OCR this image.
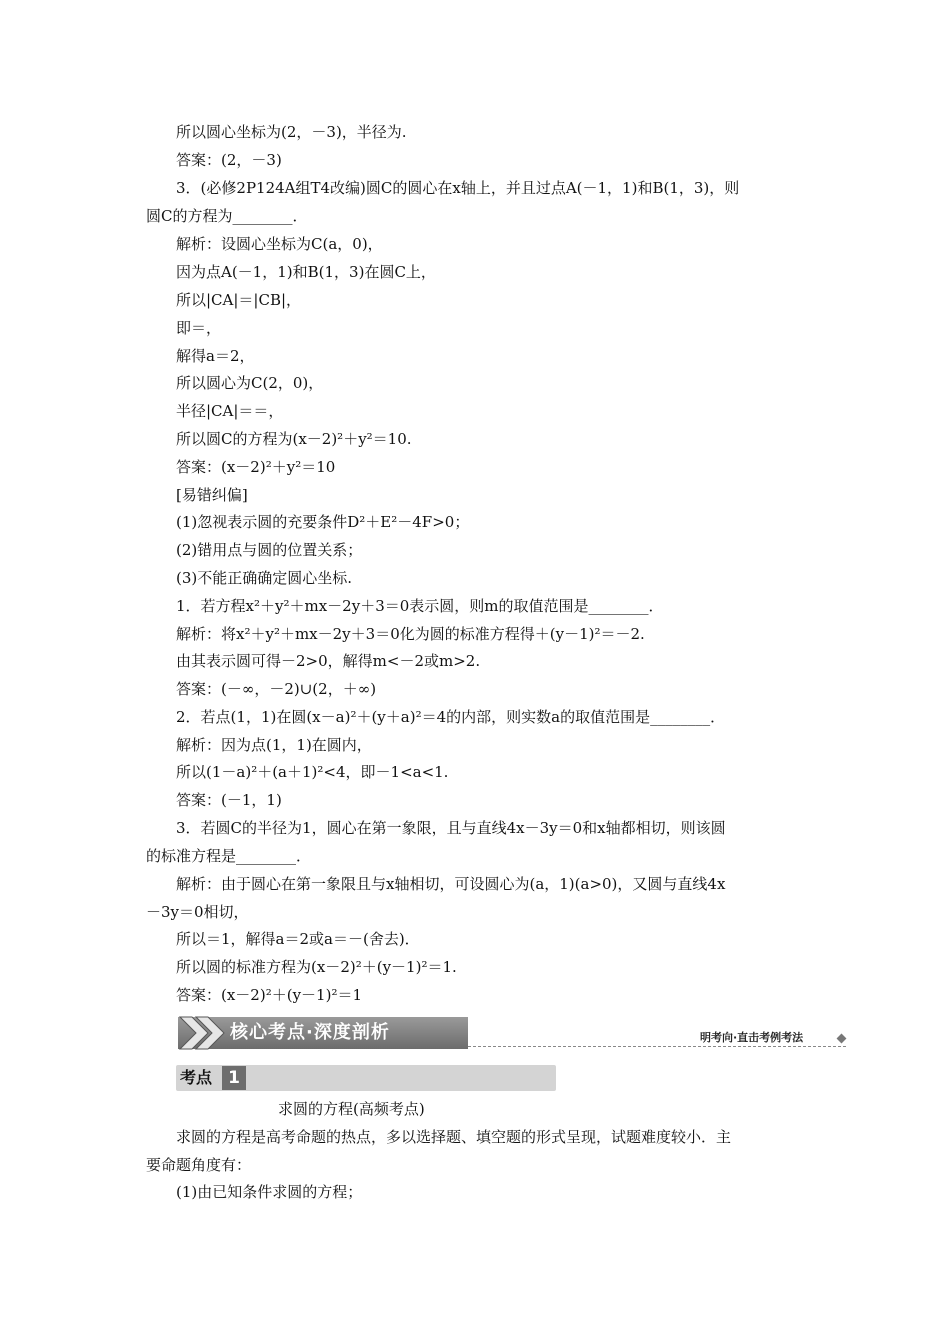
所以圆心坐标为(2，－3)，半径为.
答案：(2，－3)
3．(必修2P124A组T4改编)圆C的圆心在x轴上，并且过点A(－1，1)和B(1，3)，则
圆C的方程为________．
解析：设圆心坐标为C(a，0)，
因为点A(－1，1)和B(1，3)在圆C上，
所以|CA|＝|CB|，
即＝，
解得a＝2，
所以圆心为C(2，0)，
半径|CA|＝＝，
所以圆C的方程为(x－2)²＋y²＝10.
答案：(x－2)²＋y²＝10
[易错纠偏]
(1)忽视表示圆的充要条件D²＋E²－4F>0；
(2)错用点与圆的位置关系；
(3)不能正确确定圆心坐标.
1．若方程x²＋y²＋mx－2y＋3＝0表示圆，则m的取值范围是________．
解析：将x²＋y²＋mx－2y＋3＝0化为圆的标准方程得＋(y－1)²＝－2.
由其表示圆可得－2>0，解得m<－2或m>2.
答案：(－∞，－2)∪(2，＋∞)
2．若点(1，1)在圆(x－a)²＋(y＋a)²＝4的内部，则实数a的取值范围是________．
解析：因为点(1，1)在圆内，
所以(1－a)²＋(a＋1)²<4，即－1<a<1.
答案：(－1，1)
3．若圆C的半径为1，圆心在第一象限，且与直线4x－3y＝0和x轴都相切，则该圆
的标准方程是________．
解析：由于圆心在第一象限且与x轴相切，可设圆心为(a，1)(a>0)，又圆与直线4x
－3y＝0相切，
所以＝1，解得a＝2或a＝－(舍去)．
所以圆的标准方程为(x－2)²＋(y－1)²＝1.
答案：(x－2)²＋(y－1)²＝1
核心考点·深度剖析	明考向·直击考例考法
考点 1
求圆的方程(高频考点)
求圆的方程是高考命题的热点，多以选择题、填空题的形式呈现，试题难度较小．主
要命题角度有：
(1)由已知条件求圆的方程；
